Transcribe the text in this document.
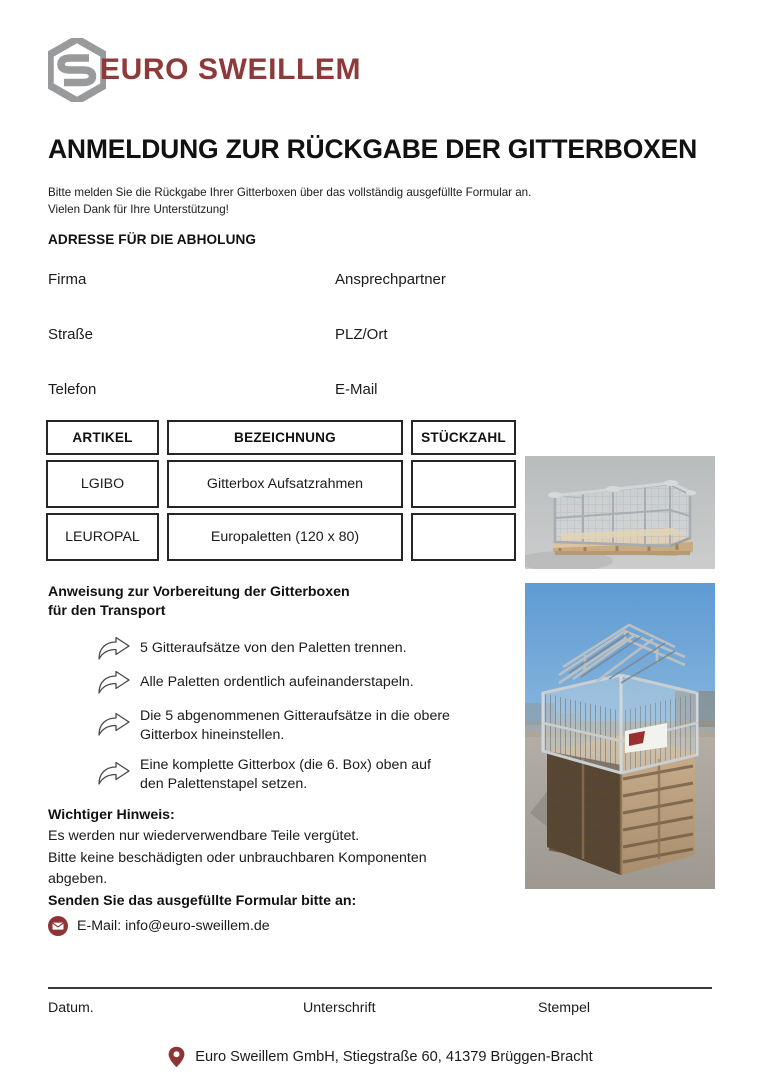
EURO SWEILLEM
ANMELDUNG ZUR RÜCKGABE DER GITTERBOXEN
Bitte melden Sie die Rückgabe Ihrer Gitterboxen über das vollständig ausgefüllte Formular an.
Vielen Dank für Ihre Unterstützung!
ADRESSE FÜR DIE ABHOLUNG
Firma	Ansprechpartner
Straße	PLZ/Ort
Telefon	E-Mail
ARTIKEL	BEZEICHNUNG	STÜCKZAHL
LGIBO	Gitterbox Aufsatzrahmen
LEUROPAL	Europaletten (120 x 80)
Anweisung zur Vorbereitung der Gitterboxen
für den Transport
5 Gitteraufsätze von den Paletten trennen.
Alle Paletten ordentlich aufeinanderstapeln.
Die 5 abgenommenen Gitteraufsätze in die obere
Gitterbox hineinstellen.
Eine komplette Gitterbox (die 6. Box) oben auf
den Palettenstapel setzen.
Wichtiger Hinweis:
Es werden nur wiederverwendbare Teile vergütet.
Bitte keine beschädigten oder unbrauchbaren Komponenten
abgeben.
Senden Sie das ausgefüllte Formular bitte an:
E-Mail: info@euro-sweillem.de
Datum.	Unterschrift	Stempel
Euro Sweillem GmbH, Stiegstraße 60, 41379 Brüggen-Bracht
